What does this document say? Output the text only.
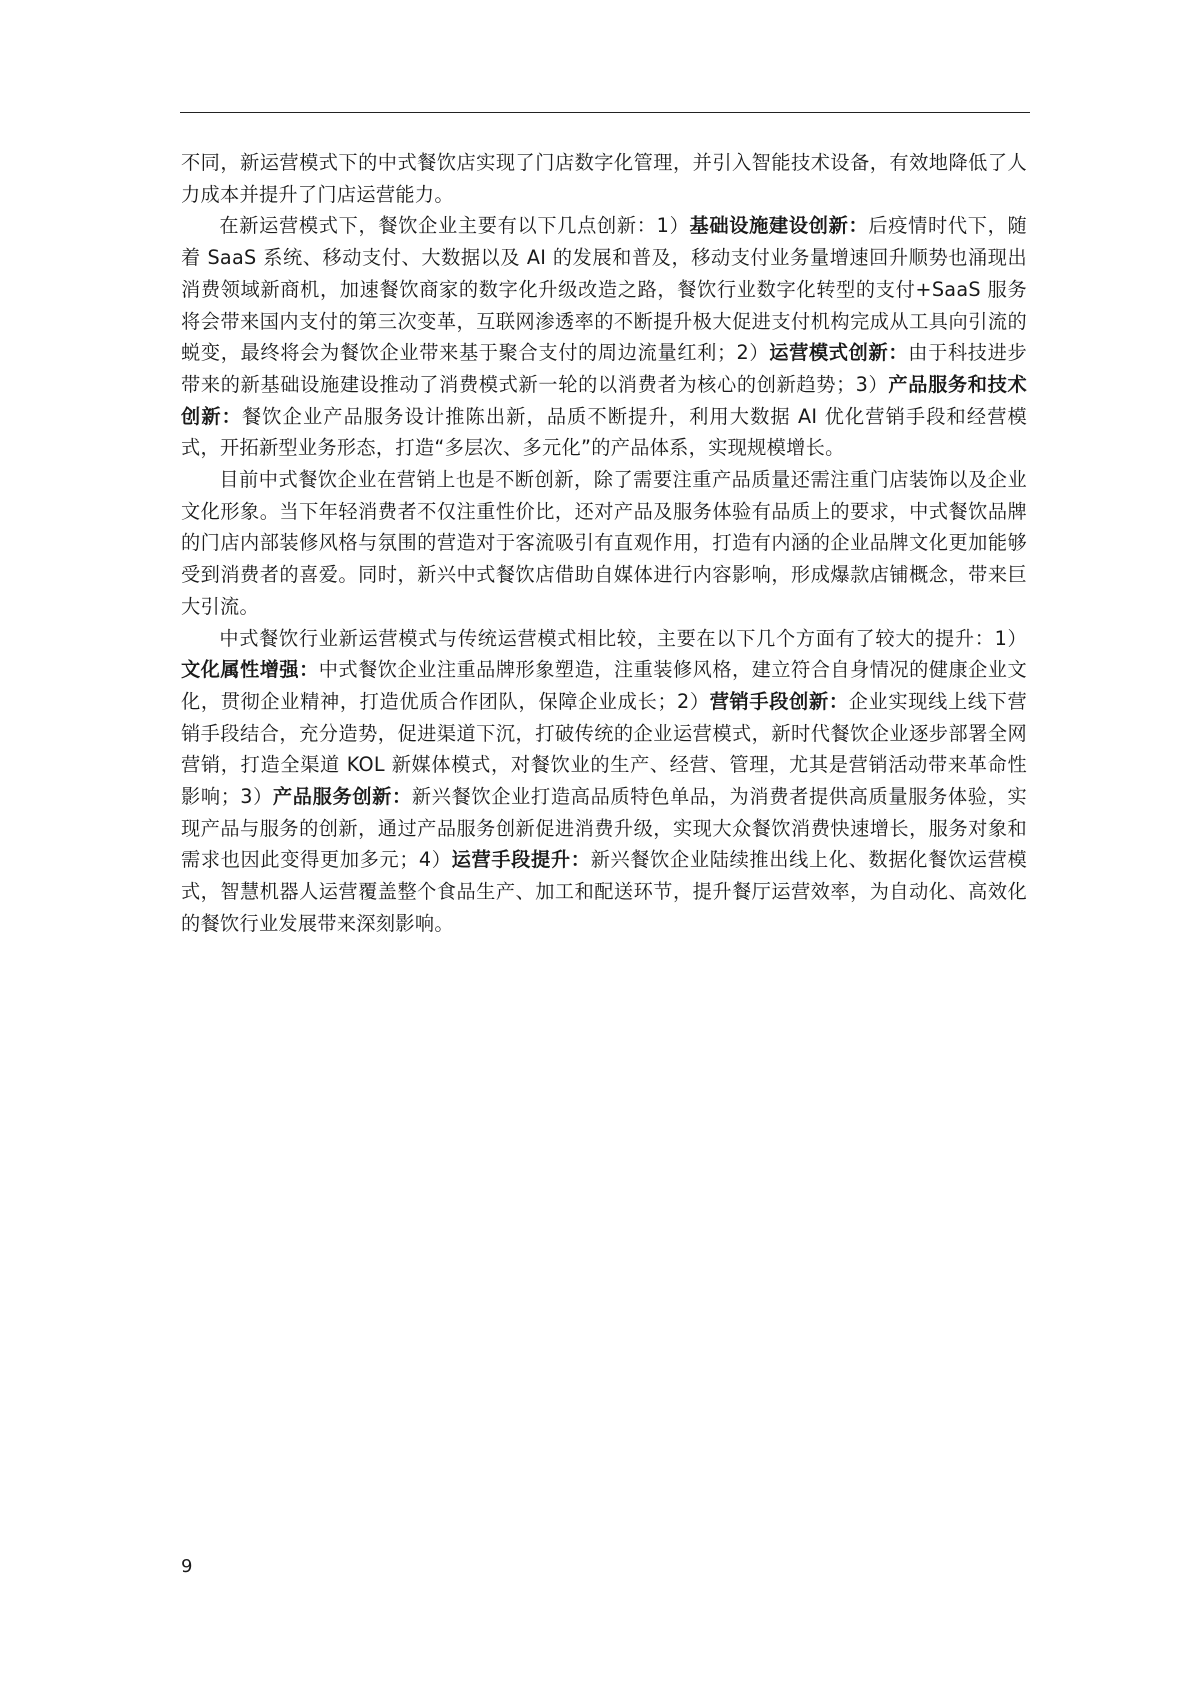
不同，新运营模式下的中式餐饮店实现了门店数字化管理，并引入智能技术设备，有效地降低了人力成本并提升了门店运营能力。

在新运营模式下，餐饮企业主要有以下几点创新：1）基础设施建设创新：后疫情时代下，随着 SaaS 系统、移动支付、大数据以及 AI 的发展和普及，移动支付业务量增速回升顺势也涌现出消费领域新商机，加速餐饮商家的数字化升级改造之路，餐饮行业数字化转型的支付+SaaS 服务将会带来国内支付的第三次变革，互联网渗透率的不断提升极大促进支付机构完成从工具向引流的蜕变，最终将会为餐饮企业带来基于聚合支付的周边流量红利；2）运营模式创新：由于科技进步带来的新基础设施建设推动了消费模式新一轮的以消费者为核心的创新趋势；3）产品服务和技术创新：餐饮企业产品服务设计推陈出新，品质不断提升，利用大数据 AI 优化营销手段和经营模式，开拓新型业务形态，打造“多层次、多元化”的产品体系，实现规模增长。

目前中式餐饮企业在营销上也是不断创新，除了需要注重产品质量还需注重门店装饰以及企业文化形象。当下年轻消费者不仅注重性价比，还对产品及服务体验有品质上的要求，中式餐饮品牌的门店内部装修风格与氛围的营造对于客流吸引有直观作用，打造有内涵的企业品牌文化更加能够受到消费者的喜爱。同时，新兴中式餐饮店借助自媒体进行内容影响，形成爆款店铺概念，带来巨大引流。

中式餐饮行业新运营模式与传统运营模式相比较，主要在以下几个方面有了较大的提升：1）文化属性增强：中式餐饮企业注重品牌形象塑造，注重装修风格，建立符合自身情况的健康企业文化，贯彻企业精神，打造优质合作团队，保障企业成长；2）营销手段创新：企业实现线上线下营销手段结合，充分造势，促进渠道下沉，打破传统的企业运营模式，新时代餐饮企业逐步部署全网营销，打造全渠道 KOL 新媒体模式，对餐饮业的生产、经营、管理，尤其是营销活动带来革命性影响；3）产品服务创新：新兴餐饮企业打造高品质特色单品，为消费者提供高质量服务体验，实现产品与服务的创新，通过产品服务创新促进消费升级，实现大众餐饮消费快速增长，服务对象和需求也因此变得更加多元；4）运营手段提升：新兴餐饮企业陆续推出线上化、数据化餐饮运营模式，智慧机器人运营覆盖整个食品生产、加工和配送环节，提升餐厅运营效率，为自动化、高效化的餐饮行业发展带来深刻影响。

9
